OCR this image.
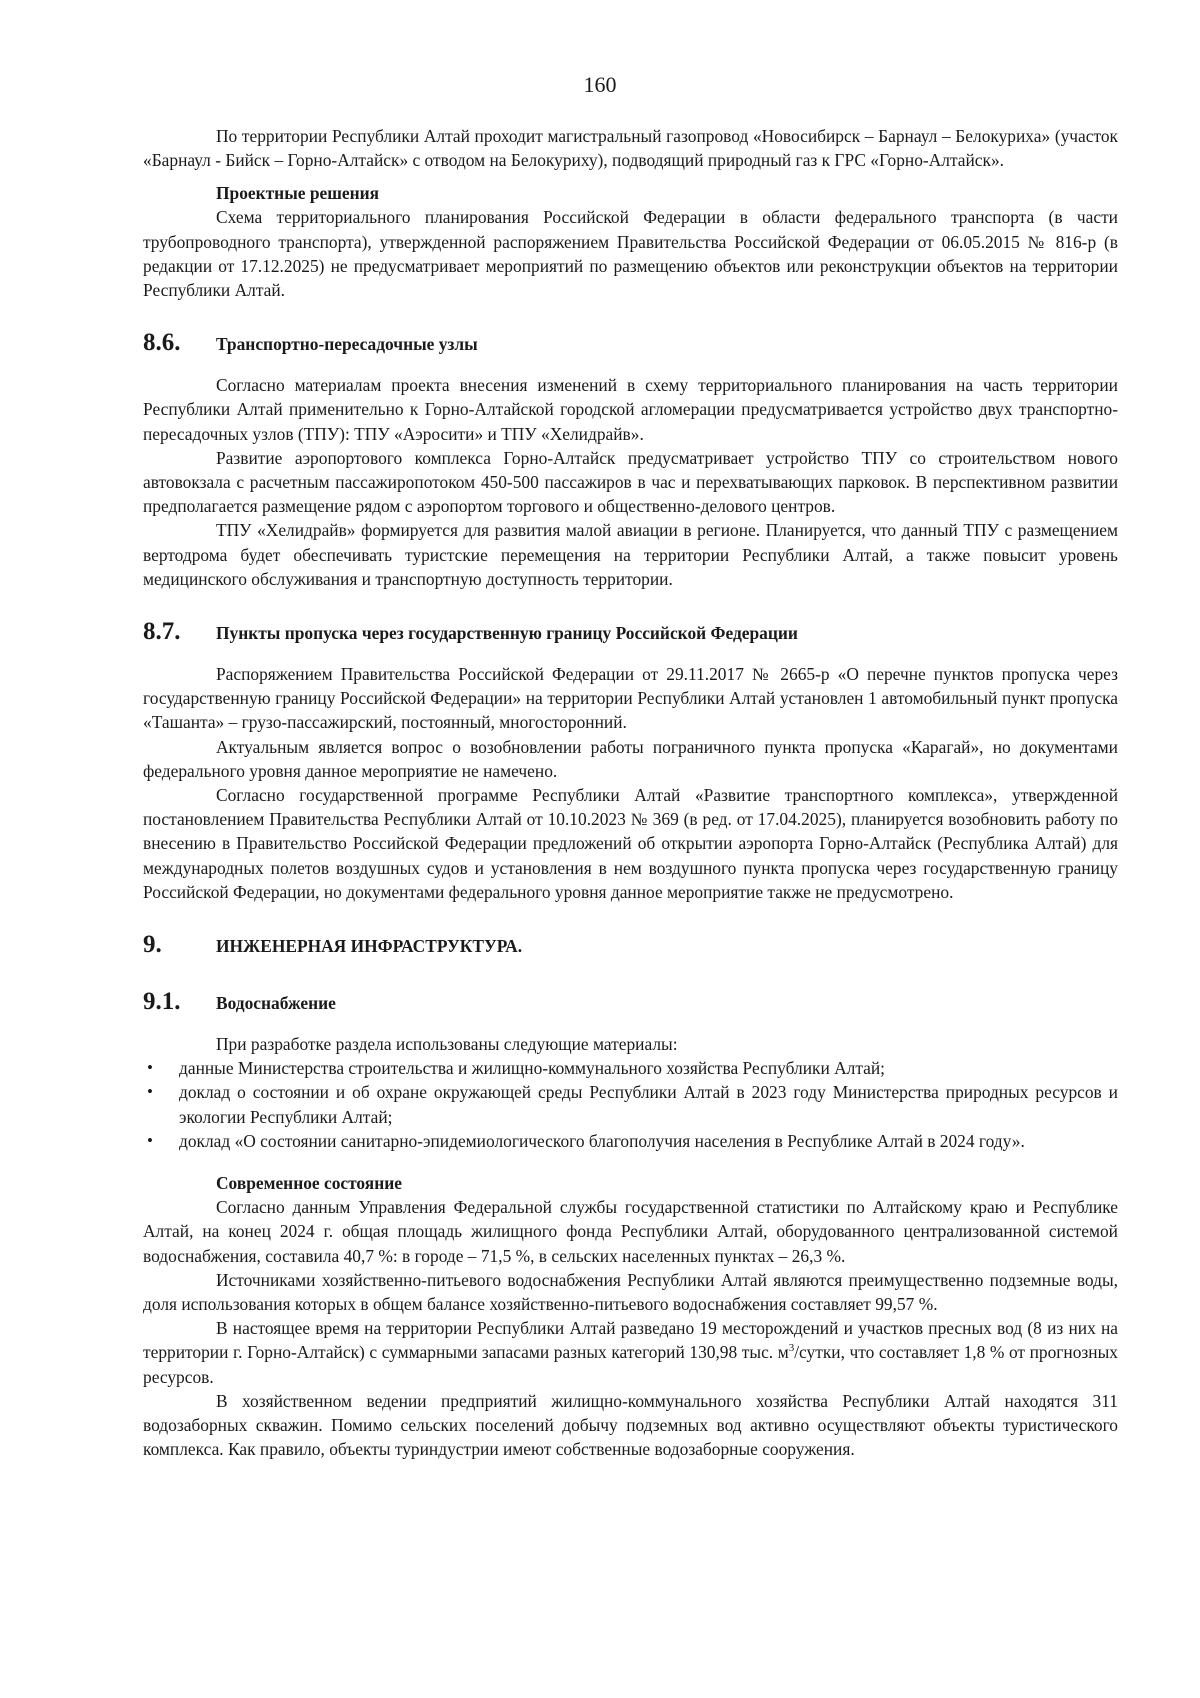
160

По территории Республики Алтай проходит магистральный газопровод «Новосибирск – Барнаул – Белокуриха» (участок «Барнаул - Бийск – Горно-Алтайск» с отводом на Белокуриху), подводящий природный газ к ГРС «Горно-Алтайск».

Проектные решения

Схема территориального планирования Российской Федерации в области федерального транспорта (в части трубопроводного транспорта), утвержденной распоряжением Правительства Российской Федерации от 06.05.2015 № 816-р (в редакции от 17.12.2025) не предусматривает мероприятий по размещению объектов или реконструкции объектов на территории Республики Алтай.

8.6.	Транспортно-пересадочные узлы

Согласно материалам проекта внесения изменений в схему территориального планирования на часть территории Республики Алтай применительно к Горно-Алтайской городской агломерации предусматривается устройство двух транспортно-пересадочных узлов (ТПУ): ТПУ «Аэросити» и ТПУ «Хелидрайв».

Развитие аэропортового комплекса Горно-Алтайск предусматривает устройство ТПУ со строительством нового автовокзала с расчетным пассажиропотоком 450-500 пассажиров в час и перехватывающих парковок. В перспективном развитии предполагается размещение рядом с аэропортом торгового и общественно-делового центров.

ТПУ «Хелидрайв» формируется для развития малой авиации в регионе. Планируется, что данный ТПУ с размещением вертодрома будет обеспечивать туристские перемещения на территории Республики Алтай, а также повысит уровень медицинского обслуживания и транспортную доступность территории.

8.7.	Пункты пропуска через государственную границу Российской Федерации

Распоряжением Правительства Российской Федерации от 29.11.2017 № 2665-р «О перечне пунктов пропуска через государственную границу Российской Федерации» на территории Республики Алтай установлен 1 автомобильный пункт пропуска «Ташанта» – грузо-пассажирский, постоянный, многосторонний.

Актуальным является вопрос о возобновлении работы пограничного пункта пропуска «Карагай», но документами федерального уровня данное мероприятие не намечено.

Согласно государственной программе Республики Алтай «Развитие транспортного комплекса», утвержденной постановлением Правительства Республики Алтай от 10.10.2023 № 369 (в ред. от 17.04.2025), планируется возобновить работу по внесению в Правительство Российской Федерации предложений об открытии аэропорта Горно-Алтайск (Республика Алтай) для международных полетов воздушных судов и установления в нем воздушного пункта пропуска через государственную границу Российской Федерации, но документами федерального уровня данное мероприятие также не предусмотрено.

9.	ИНЖЕНЕРНАЯ ИНФРАСТРУКТУРА.
9.1.	Водоснабжение

При разработке раздела использованы следующие материалы:

• данные Министерства строительства и жилищно-коммунального хозяйства Республики Алтай;
• доклад о состоянии и об охране окружающей среды Республики Алтай в 2023 году Министерства природных ресурсов и экологии Республики Алтай;
• доклад «О состоянии санитарно-эпидемиологического благополучия населения в Республике Алтай в 2024 году».
Современное состояние

Согласно данным Управления Федеральной службы государственной статистики по Алтайскому краю и Республике Алтай, на конец 2024 г. общая площадь жилищного фонда Республики Алтай, оборудованного централизованной системой водоснабжения, составила 40,7 %: в городе – 71,5 %, в сельских населенных пунктах – 26,3 %.

Источниками хозяйственно-питьевого водоснабжения Республики Алтай являются преимущественно подземные воды, доля использования которых в общем балансе хозяйственно-питьевого водоснабжения составляет 99,57 %.

В настоящее время на территории Республики Алтай разведано 19 месторождений и участков пресных вод (8 из них на территории г. Горно-Алтайск) с суммарными запасами разных категорий 130,98 тыс. $м^3$/сутки, что составляет 1,8 % от прогнозных ресурсов.

В хозяйственном ведении предприятий жилищно-коммунального хозяйства Республики Алтай находятся 311 водозаборных скважин. Помимо сельских поселений добычу подземных вод активно осуществляют объекты туристического комплекса. Как правило, объекты туриндустрии имеют собственные водозаборные сооружения.
